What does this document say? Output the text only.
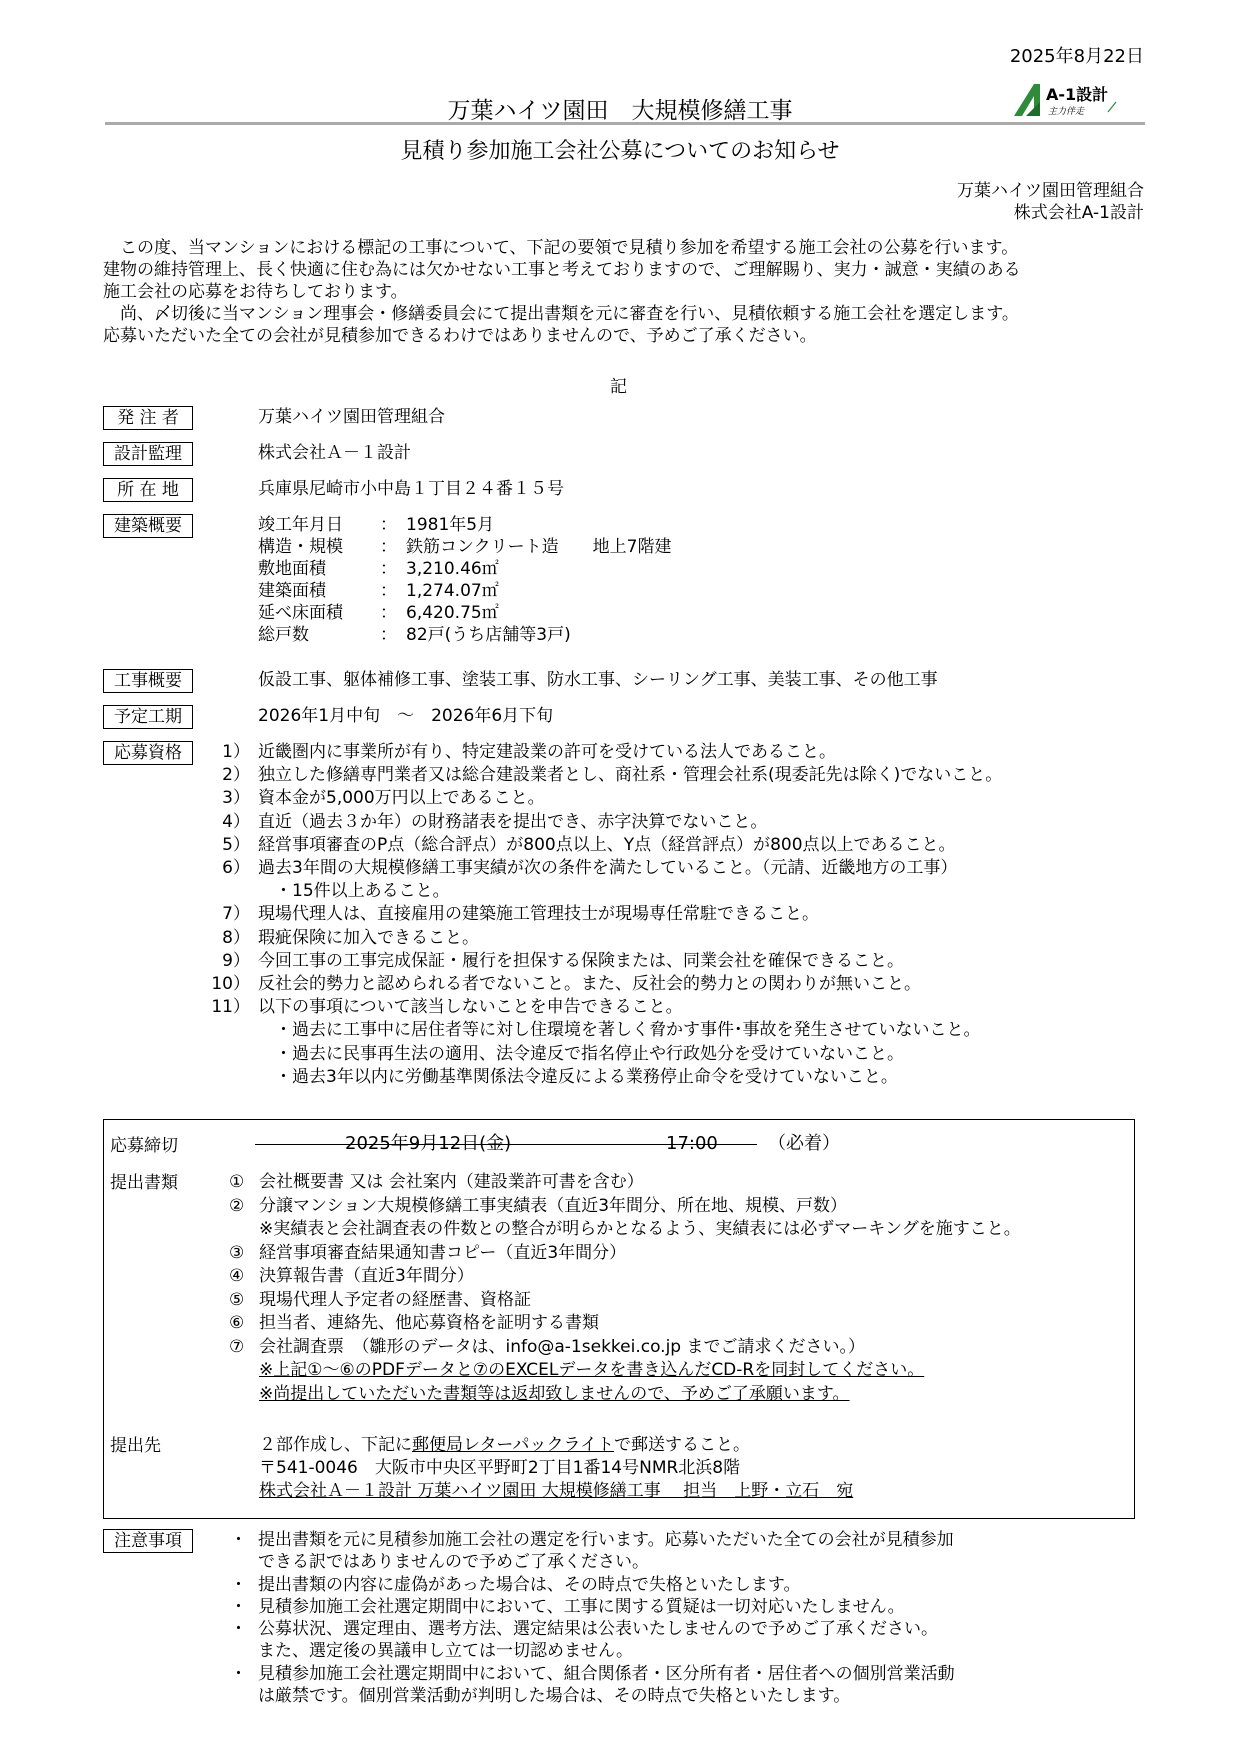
2025年8月22日
万葉ハイツ園田　大規模修繕工事
A-1設計
主力伴走
見積り参加施工会社公募についてのお知らせ
万葉ハイツ園田管理組合
株式会社A-1設計

　この度、当マンションにおける標記の工事について、下記の要領で見積り参加を希望する施工会社の公募を行います。

建物の維持管理上、長く快適に住む為には欠かせない工事と考えておりますので、ご理解賜り、実力・誠意・実績のある

施工会社の応募をお待ちしております。

　尚、〆切後に当マンション理事会・修繕委員会にて提出書類を元に審査を行い、見積依頼する施工会社を選定します。

応募いただいた全ての会社が見積参加できるわけではありませんので、予めご了承ください。

記
発 注 者	万葉ハイツ園田管理組合
設計監理	株式会社Ａ－１設計
所 在 地	兵庫県尼崎市小中島１丁目２４番１５号
建築概要	竣工年月日	： 1981年5月
構造・規模	： 鉄筋コンクリート造　　地上7階建
敷地面積	： 3,210.46㎡
建築面積	： 1,274.07㎡
延べ床面積	： 6,420.75㎡
総戸数	： 82戸(うち店舗等3戸)
工事概要	仮設工事、躯体補修工事、塗装工事、防水工事、シーリング工事、美装工事、その他工事
予定工期	2026年1月中旬　～　2026年6月下旬
応募資格	1） 近畿圏内に事業所が有り、特定建設業の許可を受けている法人であること。
2） 独立した修繕専門業者又は総合建設業者とし、商社系・管理会社系(現委託先は除く)でないこと。
3） 資本金が5,000万円以上であること。
4） 直近（過去３か年）の財務諸表を提出でき、赤字決算でないこと。
5） 経営事項審査のP点（総合評点）が800点以上、Y点（経営評点）が800点以上であること。
6） 過去3年間の大規模修繕工事実績が次の条件を満たしていること。（元請、近畿地方の工事）
　・15件以上あること。
7） 現場代理人は、直接雇用の建築施工管理技士が現場専任常駐できること。
8） 瑕疵保険に加入できること。
9） 今回工事の工事完成保証・履行を担保する保険または、同業会社を確保できること。
10） 反社会的勢力と認められる者でないこと。また、反社会的勢力との関わりが無いこと。
11） 以下の事項について該当しないことを申告できること。
　・過去に工事中に居住者等に対し住環境を著しく脅かす事件･事故を発生させていないこと。
　・過去に民事再生法の適用、法令違反で指名停止や行政処分を受けていないこと。
　・過去3年以内に労働基準関係法令違反による業務停止命令を受けていないこと。
応募締切	2025年9月12日(金)	17:00	（必着）
提出書類	① 会社概要書 又は 会社案内（建設業許可書を含む）
② 分譲マンション大規模修繕工事実績表（直近3年間分、所在地、規模、戸数）
※実績表と会社調査表の件数との整合が明らかとなるよう、実績表には必ずマーキングを施すこと。
③ 経営事項審査結果通知書コピー（直近3年間分）
④ 決算報告書（直近3年間分）
⑤ 現場代理人予定者の経歴書、資格証
⑥ 担当者、連絡先、他応募資格を証明する書類
⑦ 会社調査票　（雛形のデータは、info@a-1sekkei.co.jp までご請求ください。）
※上記①～⑥のPDFデータと⑦のEXCELデータを書き込んだCD-Rを同封してください。
※尚提出していただいた書類等は返却致しませんので、予めご了承願います。
提出先	２部作成し、下記に郵便局レターパックライトで郵送すること。
〒541-0046　大阪市中央区平野町2丁目1番14号NMR北浜8階
株式会社Ａ－１設計 万葉ハイツ園田 大規模修繕工事　 担当　上野・立石　宛
注意事項	・ 提出書類を元に見積参加施工会社の選定を行います。応募いただいた全ての会社が見積参加
できる訳ではありませんので予めご了承ください。
・ 提出書類の内容に虚偽があった場合は、その時点で失格といたします。
・ 見積参加施工会社選定期間中において、工事に関する質疑は一切対応いたしません。
・ 公募状況、選定理由、選考方法、選定結果は公表いたしませんので予めご了承ください。
また、選定後の異議申し立ては一切認めません。
・ 見積参加施工会社選定期間中において、組合関係者・区分所有者・居住者への個別営業活動
は厳禁です。個別営業活動が判明した場合は、その時点で失格といたします。
